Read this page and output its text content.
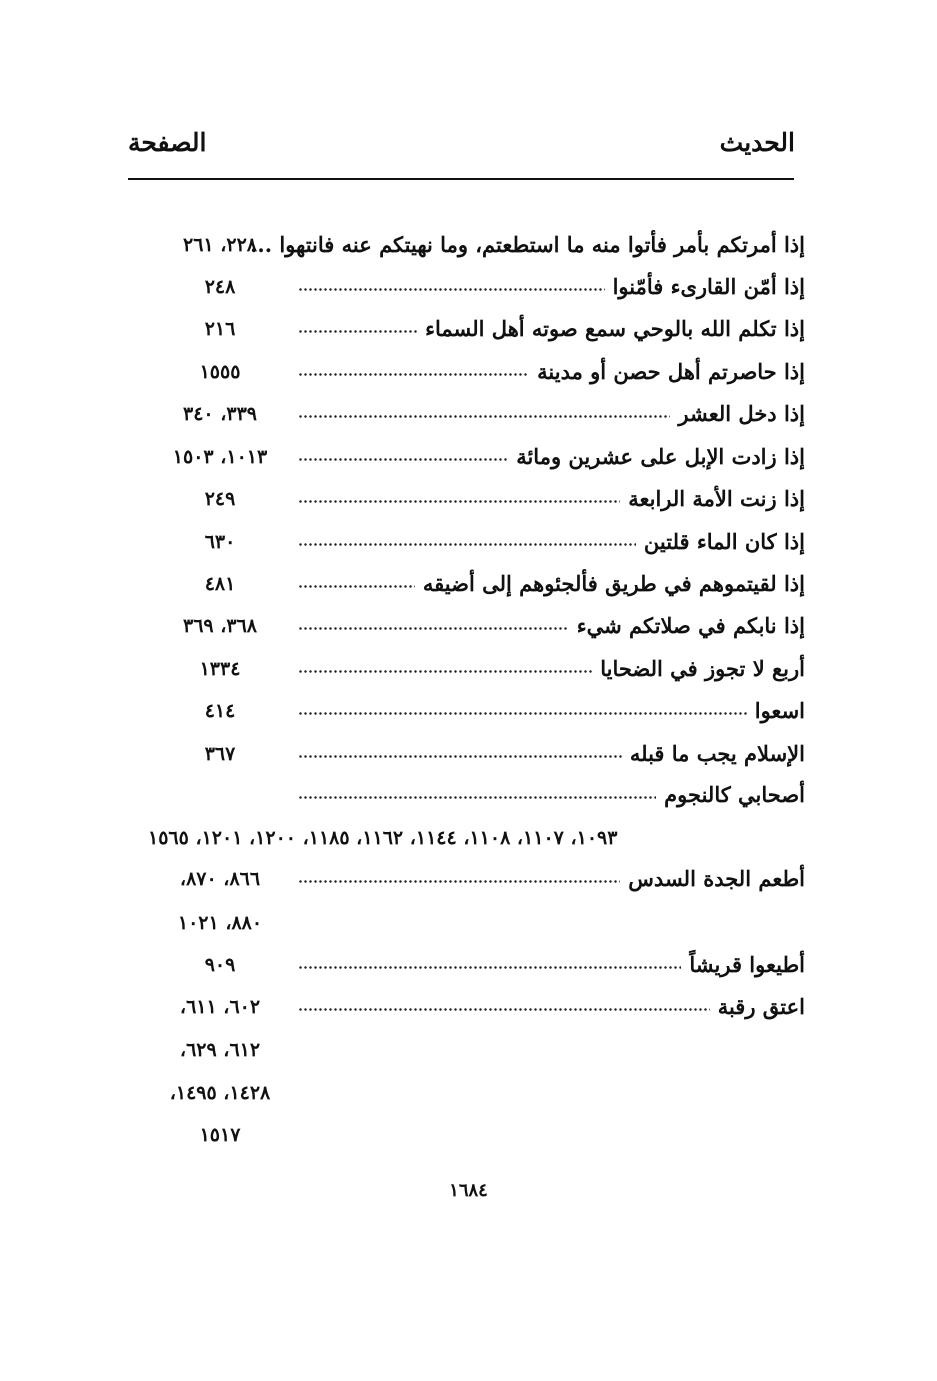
الحديث
الصفحة
إذا أمرتكم بأمر فأتوا منه ما استطعتم، وما نهيتكم عنه فانتهوا ...
٢٢٨، ٢٦١
إذا أمّن القارىء فأمّنوا
٢٤٨
إذا تكلم الله بالوحي سمع صوته أهل السماء
٢١٦
إذا حاصرتم أهل حصن أو مدينة
١٥٥٥
إذا دخل العشر
٣٣٩، ٣٤٠
إذا زادت الإبل على عشرين ومائة
١٠١٣، ١٥٠٣
إذا زنت الأمة الرابعة
٢٤٩
إذا كان الماء قلتين
٦٣٠
إذا لقيتموهم في طريق فألجئوهم إلى أضيقه
٤٨١
إذا نابكم في صلاتكم شيء
٣٦٨، ٣٦٩
أربع لا تجوز في الضحايا
١٣٣٤
اسعوا
٤١٤
الإسلام يجب ما قبله
٣٦٧
أصحابي كالنجوم
١٠٩٣، ١١٠٧، ١١٠٨، ١١٤٤، ١١٦٢، ١١٨٥، ١٢٠٠، ١٢٠١، ١٥٦٥
أطعم الجدة السدس
٨٦٦، ٨٧٠،
٨٨٠، ١٠٢١
أطيعوا قريشاً
٩٠٩
اعتق رقبة
٦٠٢، ٦١١،
٦١٢، ٦٢٩،
١٤٢٨، ١٤٩٥،
١٥١٧
١٦٨٤
